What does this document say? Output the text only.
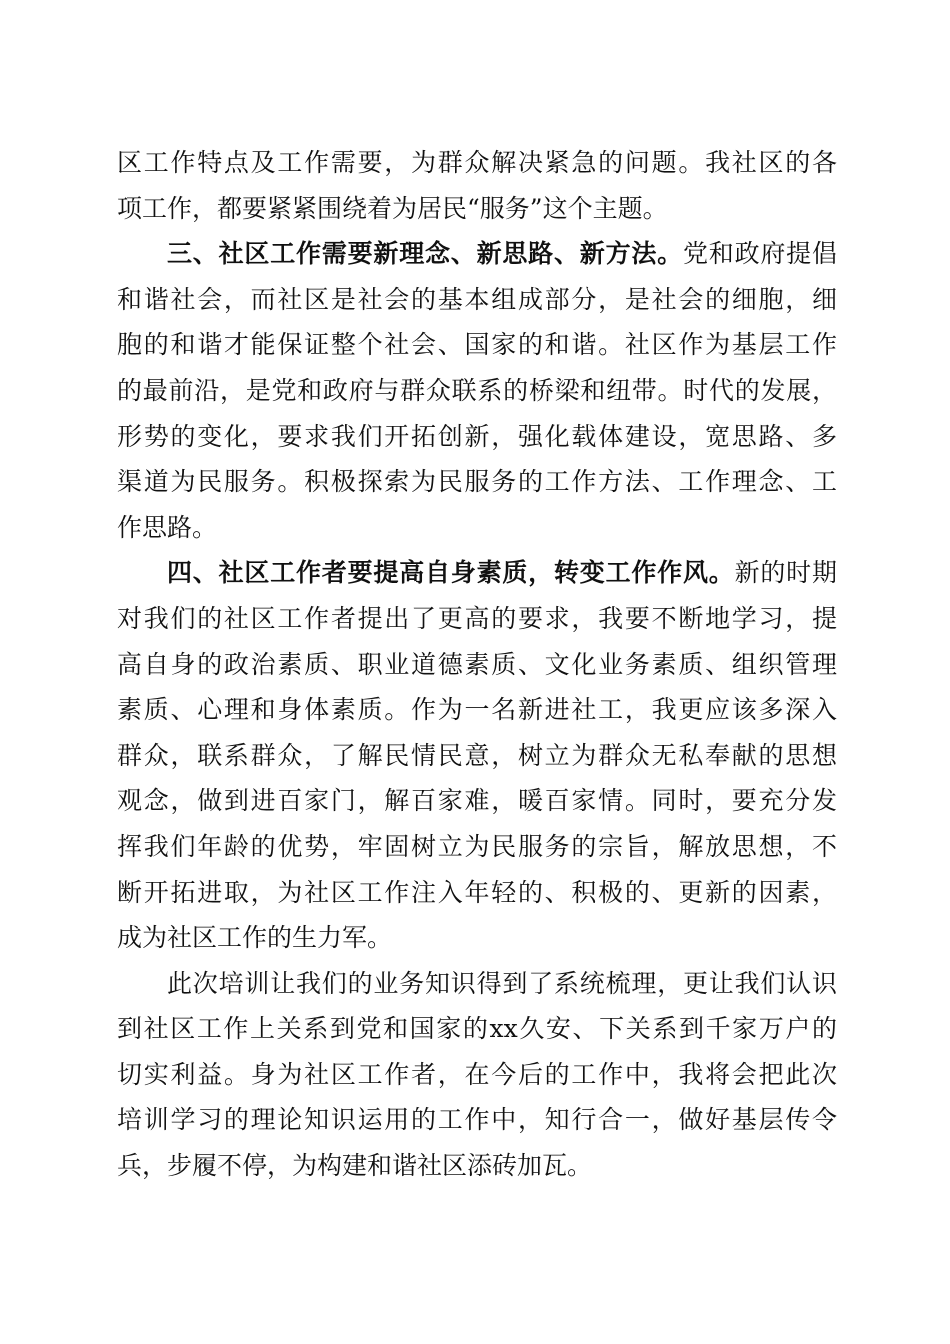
区工作特点及工作需要，为群众解决紧急的问题。我社区的各
项工作，都要紧紧围绕着为居民“服务”这个主题。
三、社区工作需要新理念、新思路、新方法。党和政府提倡
和谐社会，而社区是社会的基本组成部分，是社会的细胞，细
胞的和谐才能保证整个社会、国家的和谐。社区作为基层工作
的最前沿，是党和政府与群众联系的桥梁和纽带。时代的发展，
形势的变化，要求我们开拓创新，强化载体建设，宽思路、多
渠道为民服务。积极探索为民服务的工作方法、工作理念、工
作思路。
四、社区工作者要提高自身素质，转变工作作风。新的时期
对我们的社区工作者提出了更高的要求，我要不断地学习，提
高自身的政治素质、职业道德素质、文化业务素质、组织管理
素质、心理和身体素质。作为一名新进社工，我更应该多深入
群众，联系群众，了解民情民意，树立为群众无私奉献的思想
观念，做到进百家门，解百家难，暖百家情。同时，要充分发
挥我们年龄的优势，牢固树立为民服务的宗旨，解放思想，不
断开拓进取，为社区工作注入年轻的、积极的、更新的因素，
成为社区工作的生力军。
此次培训让我们的业务知识得到了系统梳理，更让我们认识
到社区工作上关系到党和国家的xx久安、下关系到千家万户的
切实利益。身为社区工作者，在今后的工作中，我将会把此次
培训学习的理论知识运用的工作中，知行合一，做好基层传令
兵，步履不停，为构建和谐社区添砖加瓦。
